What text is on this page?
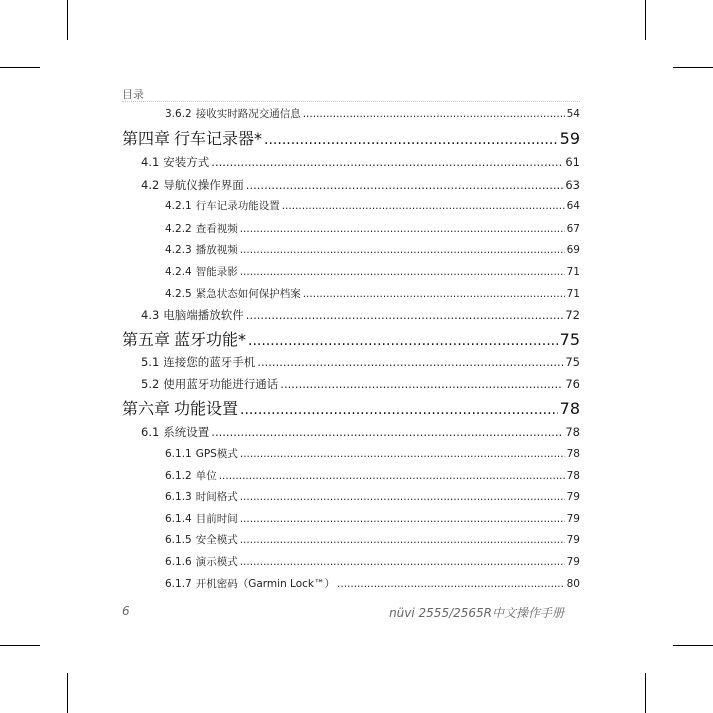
目录
3.6.2 接收实时路况交通信息 .....	54
第四章 行车记录器* .....	59
4.1 安装方式 .....	61
4.2 导航仪操作界面 .....	63
4.2.1 行车记录功能设置 .....	64
4.2.2 查看视频 .....	67
4.2.3 播放视频 .....	69
4.2.4 智能录影 .....	71
4.2.5 紧急状态如何保护档案 .....	71
4.3 电脑端播放软件 .....	72
第五章 蓝牙功能* .....	75
5.1 连接您的蓝牙手机 .....	75
5.2 使用蓝牙功能进行通话 .....	76
第六章 功能设置 .....	78
6.1 系统设置 .....	78
6.1.1 GPS模式 .....	78
6.1.2 单位 .....	78
6.1.3 时间格式 .....	79
6.1.4 目前时间 .....	79
6.1.5 安全模式 .....	79
6.1.6 演示模式 .....	79
6.1.7 开机密码（Garmin Lock™） .....	80
6	nüvi 2555/2565R中文操作手册
